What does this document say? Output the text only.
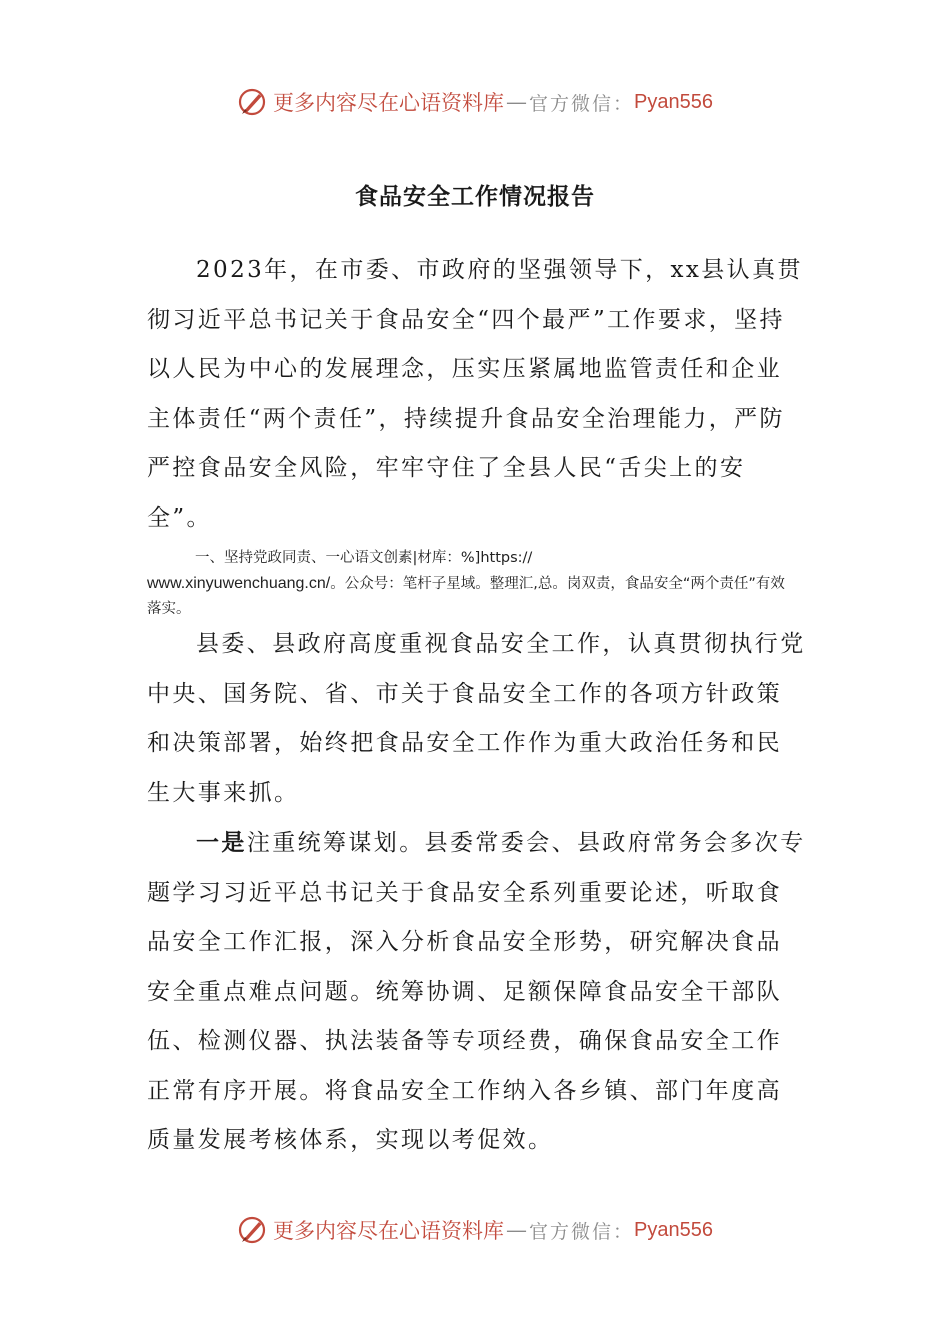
更多内容尽在心语资料库 — 官方微信： Pyan556
食品安全工作情况报告

2023年，在市委、市政府的坚强领导下，xx县认真贯彻习近平总书记关于食品安全“四个最严”工作要求，坚持以人民为中心的发展理念，压实压紧属地监管责任和企业主体责任“两个责任”，持续提升食品安全治理能力，严防严控食品安全风险，牢牢守住了全县人民“舌尖上的安全”。

一、坚持党政同责、一心语文创素|材库：%]https://
www.xinyuwenchuang.cn/。公众号：笔杆子星域。整理汇,总。岗双责，食品安全“两个责任”有效落实。

县委、县政府高度重视食品安全工作，认真贯彻执行党中央、国务院、省、市关于食品安全工作的各项方针政策和决策部署，始终把食品安全工作作为重大政治任务和民生大事来抓。

一是注重统筹谋划。县委常委会、县政府常务会多次专题学习习近平总书记关于食品安全系列重要论述，听取食品安全工作汇报，深入分析食品安全形势，研究解决食品安全重点难点问题。统筹协调、足额保障食品安全干部队伍、检测仪器、执法装备等专项经费，确保食品安全工作正常有序开展。将食品安全工作纳入各乡镇、部门年度高质量发展考核体系，实现以考促效。

更多内容尽在心语资料库 — 官方微信： Pyan556
